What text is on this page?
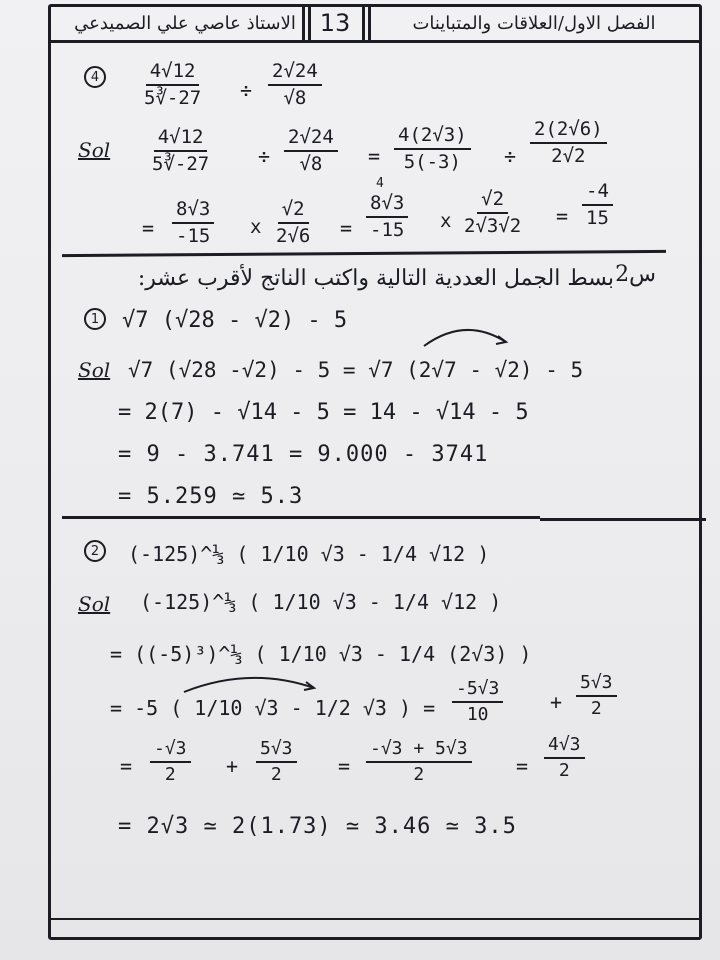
الفصل الاول/العلاقات والمتباينات
13
الاستاذ عاصي علي الصميدعي
4	4√12
5∛-27 ÷
2√24
√8
Sol
4√12
5∛-27 ÷
2√24
√8 =
4(2√3)
5(-3) ÷
2(2√6)
2√2
=
8√3
-15 x
√2
2√6 =
4
8√3
-15 x
√2
2√3√2 =
-4
15
س2
بسط الجمل العددية التالية واكتب الناتج لأقرب عشر:
1	√7 (√28 - √2) - 5
Sol √7 (√28 -√2) - 5 = √7 (2√7 - √2) - 5
= 2(7) - √14 - 5 = 14 - √14 - 5
= 9 - 3.741 = 9.000 - 3741
= 5.259 ≃ 5.3
2	(-125)^⅓ ( 1/10 √3 - 1/4 √12 )
Sol (-125)^⅓ ( 1/10 √3 - 1/4 √12 )
= ((-5)³)^⅓ ( 1/10 √3 - 1/4 (2√3) )
= -5 ( 1/10 √3 - 1/2 √3 ) =
-5√3
10
+
5√3
2
=
-√3
2	+
5√3
2	=
-√3 + 5√3
2	=
4√3
2
= 2√3 ≃ 2(1.73) ≃ 3.46 ≃ 3.5
